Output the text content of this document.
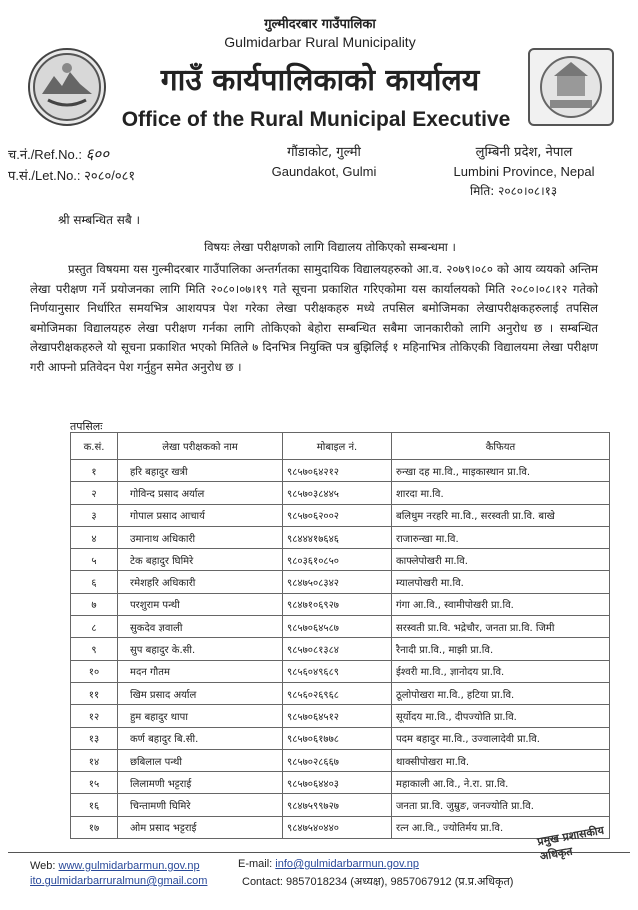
गुल्मीदरबार गाउँपालिका
Gulmidarbar Rural Municipality
गाउँ कार्यपालिकाको कार्यालय
Office of the Rural Municipal Executive
च.नं./Ref.No.: ६००
प.सं./Let.No.: २०८०/०८१
गौंडाकोट, गुल्मी
Gaundakot, Gulmi
लुम्बिनी प्रदेश, नेपाल
Lumbini Province, Nepal
मिति: २०८०।०८।१३
श्री सम्बन्धित सबै ।
विषयः लेखा परीक्षणको लागि विद्यालय तोकिएको सम्बन्धमा ।
प्रस्तुत विषयमा यस गुल्मीदरबार गाउँपालिका अन्तर्गतका सामुदायिक विद्यालयहरुको आ.व. २०७९।०८० को आय व्ययको अन्तिम लेखा परीक्षण गर्ने प्रयोजनका लागि मिति २०८०।०७।१९ गते सूचना प्रकाशित गरिएकोमा यस कार्यालयको मिति २०८०।०८।१२ गतेको निर्णयानुसार निर्धारित समयभित्र आशयपत्र पेश गरेका लेखा परीक्षकहरु मध्ये तपसिल बमोजिमका लेखापरीक्षकहरुलाई तपसिल बमोजिमका विद्यालयहरु लेखा परीक्षण गर्नका लागि तोकिएको बेहोरा सम्बन्धित सबैमा जानकारीको लागि अनुरोध छ । सम्बन्धित लेखापरीक्षकहरुले यो सूचना प्रकाशित भएको मितिले ७ दिनभित्र नियुक्ति पत्र बुझिलिई १ महिनाभित्र तोकिएकी विद्यालयमा लेखा परीक्षण गरी आफ्नो प्रतिवेदन पेश गर्नुहुन समेत अनुरोध छ ।
तपसिलः
क.सं.	लेखा परीक्षकको नाम	मोबाइल नं.	कैफियत
१	हरि बहादुर खत्री	९८५७०६४२१२	रुन्खा दह मा.वि., माइकास्थान प्रा.वि.
२	गोविन्द प्रसाद अर्याल	९८५७०३८४४५	शारदा मा.वि.
३	गोपाल प्रसाद आचार्य	९८५७०६२००२	बलिधुम नरहरि मा.वि., सरस्वती प्रा.वि. बाखे
४	उमानाथ अधिकारी	९८४४४१७६४६	राजारुन्खा मा.वि.
५	टेक बहादुर घिमिरे	९८०३६१०८५०	काफ्लेपोखरी मा.वि.
६	रमेशहरि अधिकारी	९८४७५०८३४२	म्यालपोखरी मा.वि.
७	परशुराम पन्थी	९८४७१०६९२७	गंगा आ.वि., स्वामीपोखरी प्रा.वि.
८	सुकदेव ज्ञवाली	९८५७०६४५८७	सरस्वती प्रा.वि. भद्रेचौर, जनता प्रा.वि. जिमी
९	सुप बहादुर के.सी.	९८५७०८१३८४	रैनादी प्रा.वि., माझी प्रा.वि.
१०	मदन गौतम	९८५६०४९६८९	ईश्वरी मा.वि., ज्ञानोदय प्रा.वि.
११	खिम प्रसाद अर्याल	९८५६०२६९६८	ठूलोपोखरा मा.वि., हटिया प्रा.वि.
१२	हुम बहादुर थापा	९८५७०६४५१२	सूर्योदय मा.वि., दीपज्योति प्रा.वि.
१३	कर्ण बहादुर बि.सी.	९८५७०६१७७८	पदम बहादुर मा.वि., उज्वालादेवी प्रा.वि.
१४	छबिलाल पन्थी	९८५७०२८६६७	थाक्सीपोखरा मा.वि.
१५	लिलामणी भट्टराई	९८५७०६४४०३	महाकाली आ.वि., ने.रा. प्रा.वि.
१६	चिन्तामणी घिमिरे	९८४७५९९७२७	जनता प्रा.वि. जुम्रुङ, जनज्योति प्रा.वि.
१७	ओम प्रसाद भट्टराई	९८४७५४०४४०	रत्न आ.वि., ज्योतिर्मय प्रा.वि.
Web: www.gulmidarbarmun.gov.np
ito.gulmidarbarruralmun@gmail.com
E-mail: info@gulmidarbarmun.gov.np
Contact: 9857018234 (अध्यक्ष), 9857067912 (प्र.प्र.अधिकृत)
प्रमुख प्रशासकीय अधिकृत
